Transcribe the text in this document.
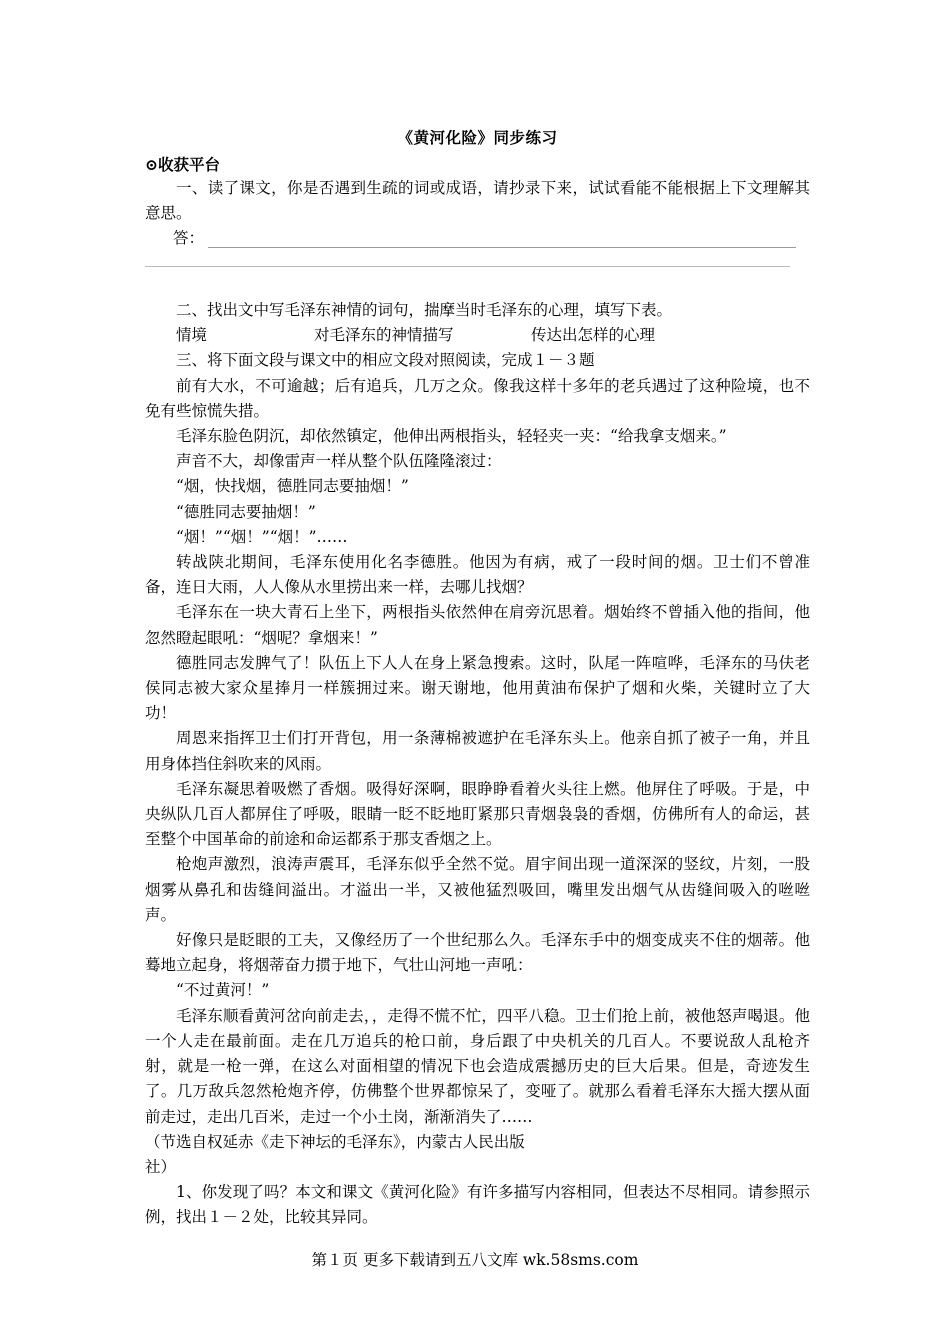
《黄河化险》同步练习
⊙收获平台

一、读了课文，你是否遇到生疏的词或成语，请抄录下来，试试看能不能根据上下文理解其意思。

答：

二、找出文中写毛泽东神情的词句，揣摩当时毛泽东的心理，填写下表。

情境	对毛泽东的神情描写	传达出怎样的心理

三、将下面文段与课文中的相应文段对照阅读，完成１－３题

前有大水，不可逾越；后有追兵，几万之众。像我这样十多年的老兵遇过了这种险境，也不免有些惊慌失措。

毛泽东脸色阴沉，却依然镇定，他伸出两根指头，轻轻夹一夹：“给我拿支烟来。”

声音不大，却像雷声一样从整个队伍隆隆滚过：

“烟，快找烟，德胜同志要抽烟！”

“德胜同志要抽烟！”

“烟！”“烟！”“烟！”……

转战陕北期间，毛泽东使用化名李德胜。他因为有病，戒了一段时间的烟。卫士们不曾准备，连日大雨，人人像从水里捞出来一样，去哪儿找烟？

毛泽东在一块大青石上坐下，两根指头依然伸在肩旁沉思着。烟始终不曾插入他的指间，他忽然瞪起眼吼：“烟呢？拿烟来！”

德胜同志发脾气了！队伍上下人人在身上紧急搜索。这时，队尾一阵喧哗，毛泽东的马伕老侯同志被大家众星捧月一样簇拥过来。谢天谢地，他用黄油布保护了烟和火柴，关键时立了大功！

周恩来指挥卫士们打开背包，用一条薄棉被遮护在毛泽东头上。他亲自抓了被子一角，并且用身体挡住斜吹来的风雨。

毛泽东凝思着吸燃了香烟。吸得好深啊，眼睁睁看着火头往上燃。他屏住了呼吸。于是，中央纵队几百人都屏住了呼吸，眼睛一眨不眨地盯紧那只青烟袅袅的香烟，仿佛所有人的命运，甚至整个中国革命的前途和命运都系于那支香烟之上。

枪炮声激烈，浪涛声震耳，毛泽东似乎全然不觉。眉宇间出现一道深深的竖纹，片刻，一股烟雾从鼻孔和齿缝间溢出。才溢出一半，又被他猛烈吸回，嘴里发出烟气从齿缝间吸入的咝咝声。

好像只是眨眼的工夫，又像经历了一个世纪那么久。毛泽东手中的烟变成夹不住的烟蒂。他蓦地立起身，将烟蒂奋力掼于地下，气壮山河地一声吼：

“不过黄河！”

毛泽东顺看黄河岔向前走去，，走得不慌不忙，四平八稳。卫士们抢上前，被他怒声喝退。他一个人走在最前面。走在几万追兵的枪口前，身后跟了中央机关的几百人。不要说敌人乱枪齐射，就是一枪一弹，在这么对面相望的情况下也会造成震撼历史的巨大后果。但是，奇迹发生了。几万敌兵忽然枪炮齐停，仿佛整个世界都惊呆了，变哑了。就那么看着毛泽东大摇大摆从面前走过，走出几百米，走过一个小土岗，渐渐消失了……

（节选自权延赤《走下神坛的毛泽东》，内蒙古人民出版

社）

1、你发现了吗？本文和课文《黄河化险》有许多描写内容相同，但表达不尽相同。请参照示例，找出１－２处，比较其异同。

第１页 更多下载请到五八文库 wk.58sms.com
